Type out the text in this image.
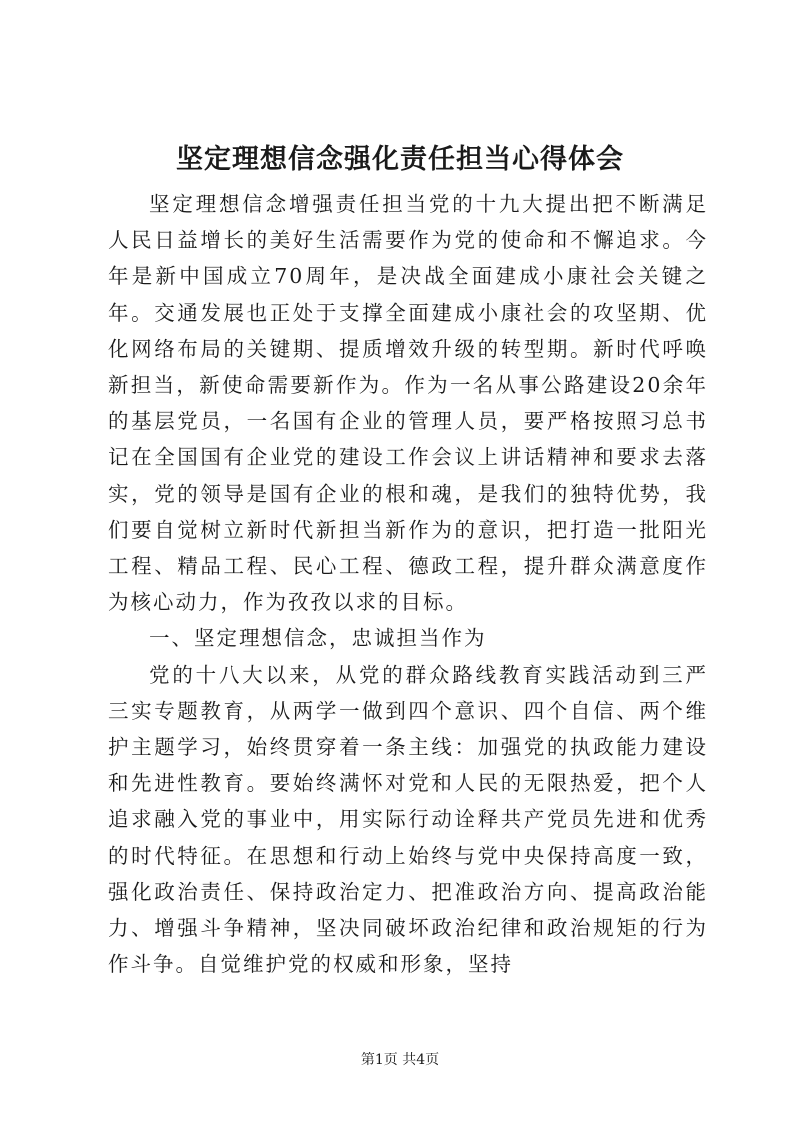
坚定理想信念强化责任担当心得体会

坚定理想信念增强责任担当党的十九大提出把不断满足人民日益增长的美好生活需要作为党的使命和不懈追求。今年是新中国成立70周年，是决战全面建成小康社会关键之年。交通发展也正处于支撑全面建成小康社会的攻坚期、优化网络布局的关键期、提质增效升级的转型期。新时代呼唤新担当，新使命需要新作为。作为一名从事公路建设20余年的基层党员，一名国有企业的管理人员，要严格按照习总书记在全国国有企业党的建设工作会议上讲话精神和要求去落实，党的领导是国有企业的根和魂，是我们的独特优势，我们要自觉树立新时代新担当新作为的意识，把打造一批阳光工程、精品工程、民心工程、德政工程，提升群众满意度作为核心动力，作为孜孜以求的目标。

一、坚定理想信念，忠诚担当作为

党的十八大以来，从党的群众路线教育实践活动到三严三实专题教育，从两学一做到四个意识、四个自信、两个维护主题学习，始终贯穿着一条主线：加强党的执政能力建设和先进性教育。要始终满怀对党和人民的无限热爱，把个人追求融入党的事业中，用实际行动诠释共产党员先进和优秀的时代特征。在思想和行动上始终与党中央保持高度一致，强化政治责任、保持政治定力、把准政治方向、提高政治能力、增强斗争精神，坚决同破坏政治纪律和政治规矩的行为作斗争。自觉维护党的权威和形象，坚持

第1页 共4页
